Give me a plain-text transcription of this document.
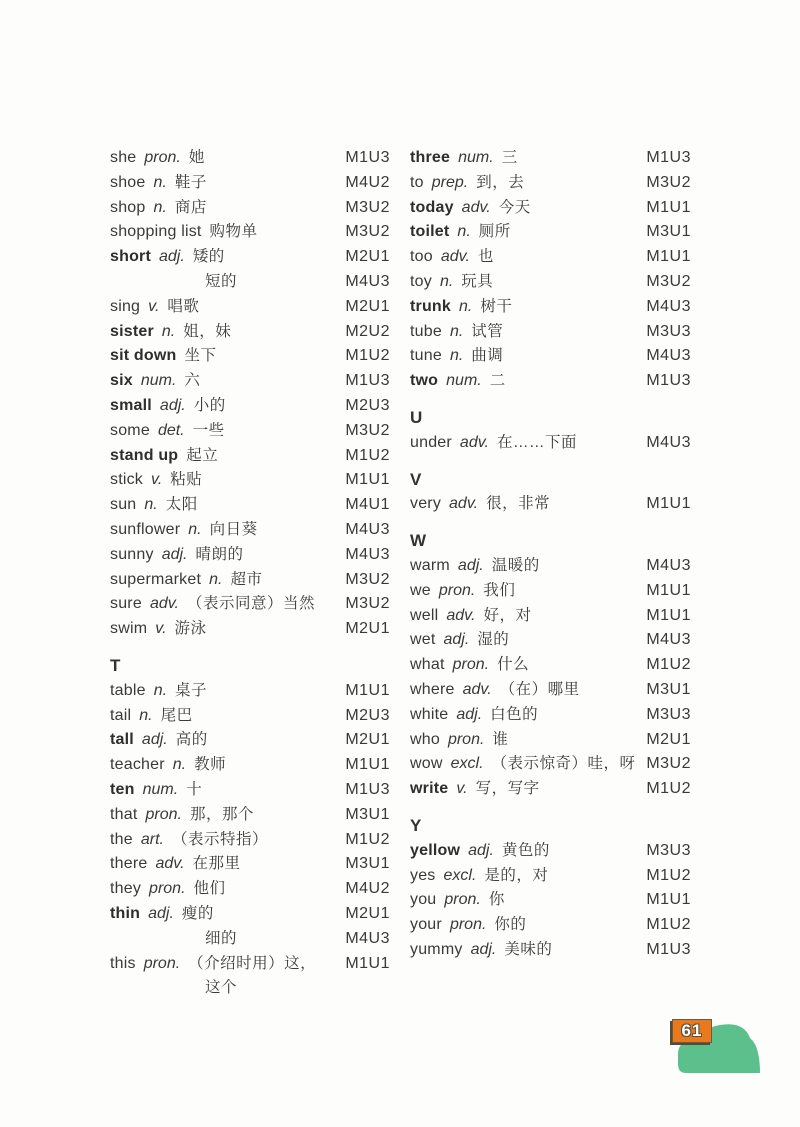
she pron. 她	M1U3
shoe n. 鞋子	M4U2
shop n. 商店	M3U2
shopping list 购物单	M3U2
short adj. 矮的	M2U1
短的	M4U3
sing v. 唱歌	M2U1
sister n. 姐，妹	M2U2
sit down 坐下	M1U2
six num. 六	M1U3
small adj. 小的	M2U3
some det. 一些	M3U2
stand up 起立	M1U2
stick v. 粘贴	M1U1
sun n. 太阳	M4U1
sunflower n. 向日葵	M4U3
sunny adj. 晴朗的	M4U3
supermarket n. 超市	M3U2
sure adv. （表示同意）当然 M3U2
swim v. 游泳	M2U1
T
table n. 桌子	M1U1
tail n. 尾巴	M2U3
tall adj. 高的	M2U1
teacher n. 教师	M1U1
ten num. 十	M1U3
that pron. 那，那个	M3U1
the art. （表示特指）	M1U2
there adv. 在那里	M3U1
they pron. 他们	M4U2
thin adj. 瘦的	M2U1
细的	M4U3
this pron. （介绍时用）这， M1U1
这个
three num. 三	M1U3
to prep. 到，去	M3U2
today adv. 今天	M1U1
toilet n. 厕所	M3U1
too adv. 也	M1U1
toy n. 玩具	M3U2
trunk n. 树干	M4U3
tube n. 试管	M3U3
tune n. 曲调	M4U3
two num. 二	M1U3
U
under adv. 在……下面	M4U3
V
very adv. 很，非常	M1U1
W
warm adj. 温暖的	M4U3
we pron. 我们	M1U1
well adv. 好，对	M1U1
wet adj. 湿的	M4U3
what pron. 什么	M1U2
where adv. （在）哪里	M3U1
white adj. 白色的	M3U3
who pron. 谁	M2U1
wow excl. （表示惊奇）哇，呀 M3U2
write v. 写，写字	M1U2
Y
yellow adj. 黄色的	M3U3
yes excl. 是的，对	M1U2
you pron. 你	M1U1
your pron. 你的	M1U2
yummy adj. 美味的	M1U3
61
